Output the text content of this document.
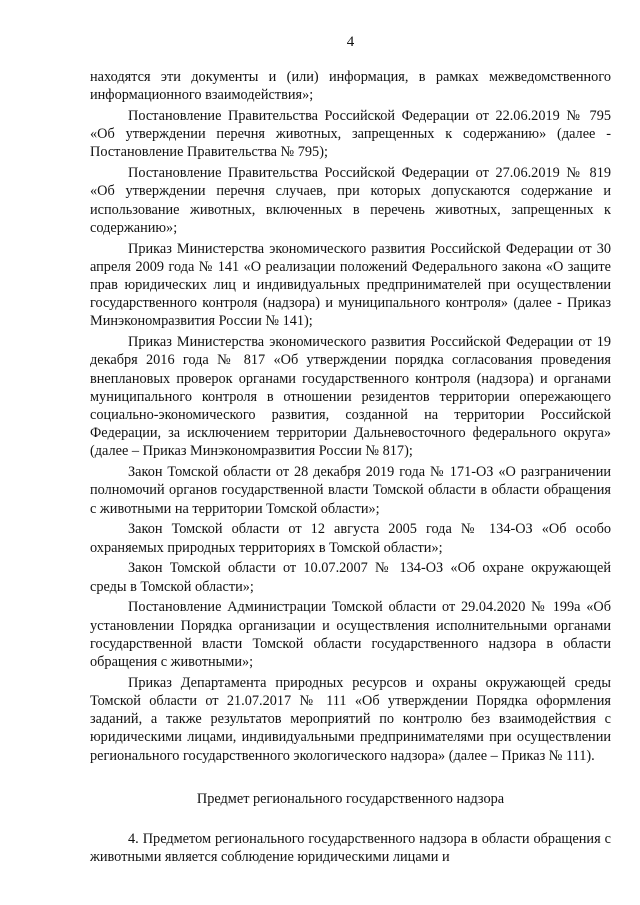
4

находятся эти документы и (или) информация, в рамках межведомственного информационного взаимодействия»;

Постановление Правительства Российской Федерации от 22.06.2019 № 795 «Об утверждении перечня животных, запрещенных к содержанию» (далее - Постановление Правительства № 795);

Постановление Правительства Российской Федерации от 27.06.2019 № 819 «Об утверждении перечня случаев, при которых допускаются содержание и использование животных, включенных в перечень животных, запрещенных к содержанию»;

Приказ Министерства экономического развития Российской Федерации от 30 апреля 2009 года № 141 «О реализации положений Федерального закона «О защите прав юридических лиц и индивидуальных предпринимателей при осуществлении государственного контроля (надзора) и муниципального контроля» (далее - Приказ Минэкономразвития России № 141);

Приказ Министерства экономического развития Российской Федерации от 19 декабря 2016 года № 817 «Об утверждении порядка согласования проведения внеплановых проверок органами государственного контроля (надзора) и органами муниципального контроля в отношении резидентов территории опережающего социально-экономического развития, созданной на территории Российской Федерации, за исключением территории Дальневосточного федерального округа» (далее – Приказ Минэкономразвития России № 817);

Закон Томской области от 28 декабря 2019 года № 171-ОЗ «О разграничении полномочий органов государственной власти Томской области в области обращения с животными на территории Томской области»;

Закон Томской области от 12 августа 2005 года № 134-ОЗ «Об особо охраняемых природных территориях в Томской области»;

Закон Томской области от 10.07.2007 № 134-ОЗ «Об охране окружающей среды в Томской области»;

Постановление Администрации Томской области от 29.04.2020 № 199а «Об установлении Порядка организации и осуществления исполнительными органами государственной власти Томской области государственного надзора в области обращения с животными»;

Приказ Департамента природных ресурсов и охраны окружающей среды Томской области от 21.07.2017 № 111 «Об утверждении Порядка оформления заданий, а также результатов мероприятий по контролю без взаимодействия с юридическими лицами, индивидуальными предпринимателями при осуществлении регионального государственного экологического надзора» (далее – Приказ № 111).

Предмет регионального государственного надзора

4. Предметом регионального государственного надзора в области обращения с животными является соблюдение юридическими лицами и
